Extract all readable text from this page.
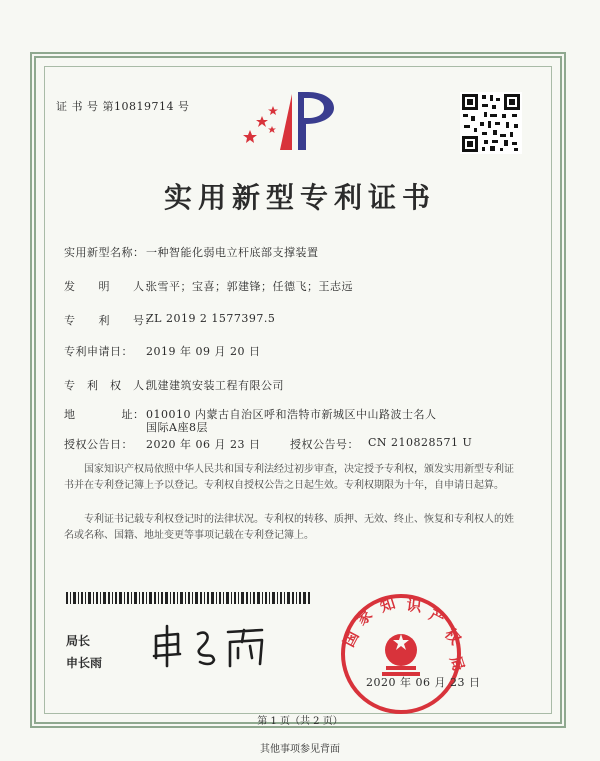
证 书 号 第10819714 号
实用新型专利证书
实用新型名称： 一种智能化弱电立杆底部支撑装置
发　　明　　人：
张雪平；宝喜；郭建锋；任德飞；王志远
专　　利　　号：
ZL 2019 2 1577397.5
专利申请日： 2019 年 09 月 20 日
专　利　权　人：
凯建建筑安装工程有限公司
地　　　　址： 010010 内蒙古自治区呼和浩特市新城区中山路波士名人
国际A座8层
授权公告日： 2020 年 06 月 23 日	授权公告号： CN 210828571 U
国家知识产权局依照中华人民共和国专利法经过初步审查，决定授予专利权，颁发实用新型专利证书并在专利登记簿上予以登记。专利权自授权公告之日起生效。专利权期限为十年，自申请日起算。
专利证书记载专利权登记时的法律状况。专利权的转移、质押、无效、终止、恢复和专利权人的姓名或名称、国籍、地址变更等事项记载在专利登记簿上。
局长
申长雨
国
家
知 识 产
权
局
2020 年 06 月 23 日
第 1 页（共 2 页）
其他事项参见背面
